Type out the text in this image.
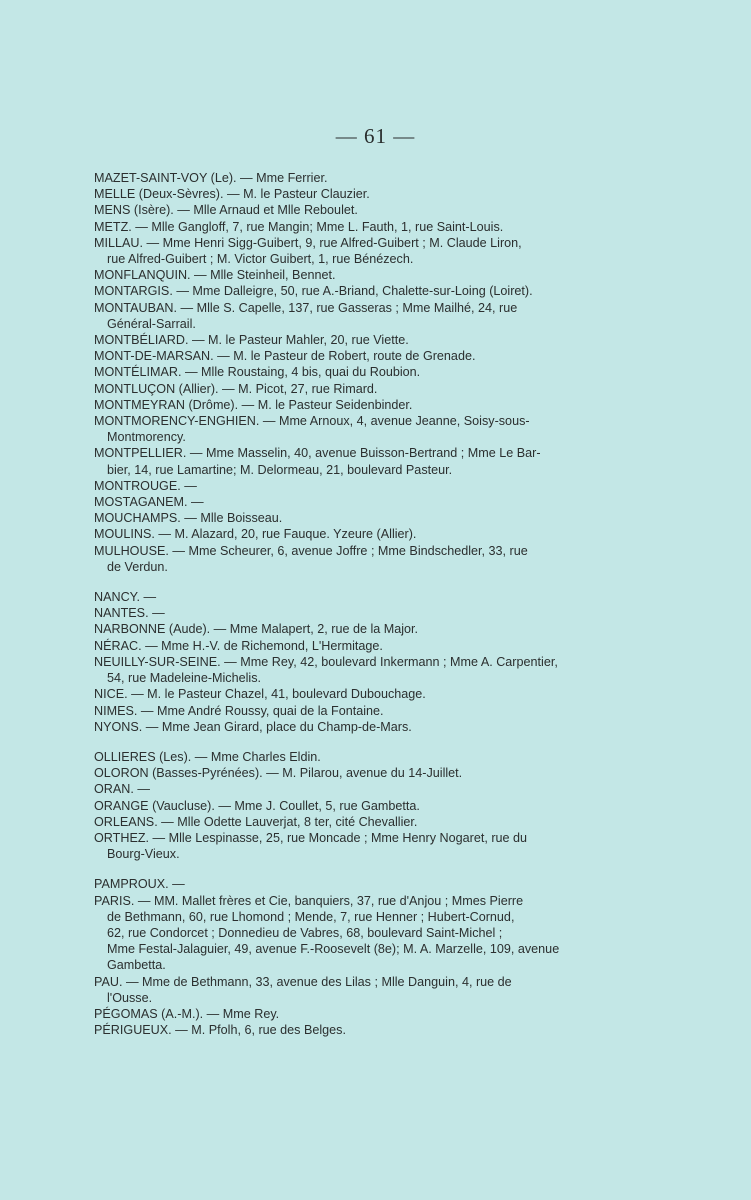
— 61 —
MAZET-SAINT-VOY (Le). — Mme Ferrier.
MELLE (Deux-Sèvres). — M. le Pasteur Clauzier.
MENS (Isère). — Mlle Arnaud et Mlle Reboulet.
METZ. — Mlle Gangloff, 7, rue Mangin; Mme L. Fauth, 1, rue Saint-Louis.
MILLAU. — Mme Henri Sigg-Guibert, 9, rue Alfred-Guibert ; M. Claude Liron,
rue Alfred-Guibert ; M. Victor Guibert, 1, rue Bénézech.
MONFLANQUIN. — Mlle Steinheil, Bennet.
MONTARGIS. — Mme Dalleigre, 50, rue A.-Briand, Chalette-sur-Loing (Loiret).
MONTAUBAN. — Mlle S. Capelle, 137, rue Gasseras ; Mme Mailhé, 24, rue
Général-Sarrail.
MONTBÉLIARD. — M. le Pasteur Mahler, 20, rue Viette.
MONT-DE-MARSAN. — M. le Pasteur de Robert, route de Grenade.
MONTÉLIMAR. — Mlle Roustaing, 4 bis, quai du Roubion.
MONTLUÇON (Allier). — M. Picot, 27, rue Rimard.
MONTMEYRAN (Drôme). — M. le Pasteur Seidenbinder.
MONTMORENCY-ENGHIEN. — Mme Arnoux, 4, avenue Jeanne, Soisy-sous-
Montmorency.
MONTPELLIER. — Mme Masselin, 40, avenue Buisson-Bertrand ; Mme Le Bar-
bier, 14, rue Lamartine; M. Delormeau, 21, boulevard Pasteur.
MONTROUGE. —
MOSTAGANEM. —
MOUCHAMPS. — Mlle Boisseau.
MOULINS. — M. Alazard, 20, rue Fauque. Yzeure (Allier).
MULHOUSE. — Mme Scheurer, 6, avenue Joffre ; Mme Bindschedler, 33, rue
de Verdun.
NANCY. —
NANTES. —
NARBONNE (Aude). — Mme Malapert, 2, rue de la Major.
NÉRAC. — Mme H.-V. de Richemond, L'Hermitage.
NEUILLY-SUR-SEINE. — Mme Rey, 42, boulevard Inkermann ; Mme A. Carpentier,
54, rue Madeleine-Michelis.
NICE. — M. le Pasteur Chazel, 41, boulevard Dubouchage.
NIMES. — Mme André Roussy, quai de la Fontaine.
NYONS. — Mme Jean Girard, place du Champ-de-Mars.
OLLIERES (Les). — Mme Charles Eldin.
OLORON (Basses-Pyrénées). — M. Pilarou, avenue du 14-Juillet.
ORAN. —
ORANGE (Vaucluse). — Mme J. Coullet, 5, rue Gambetta.
ORLEANS. — Mlle Odette Lauverjat, 8 ter, cité Chevallier.
ORTHEZ. — Mlle Lespinasse, 25, rue Moncade ; Mme Henry Nogaret, rue du
Bourg-Vieux.
PAMPROUX. —
PARIS. — MM. Mallet frères et Cie, banquiers, 37, rue d'Anjou ; Mmes Pierre
de Bethmann, 60, rue Lhomond ; Mende, 7, rue Henner ; Hubert-Cornud,
62, rue Condorcet ; Donnedieu de Vabres, 68, boulevard Saint-Michel ;
Mme Festal-Jalaguier, 49, avenue F.-Roosevelt (8e); M. A. Marzelle, 109, avenue
Gambetta.
PAU. — Mme de Bethmann, 33, avenue des Lilas ; Mlle Danguin, 4, rue de
l'Ousse.
PÉGOMAS (A.-M.). — Mme Rey.
PÉRIGUEUX. — M. Pfolh, 6, rue des Belges.
